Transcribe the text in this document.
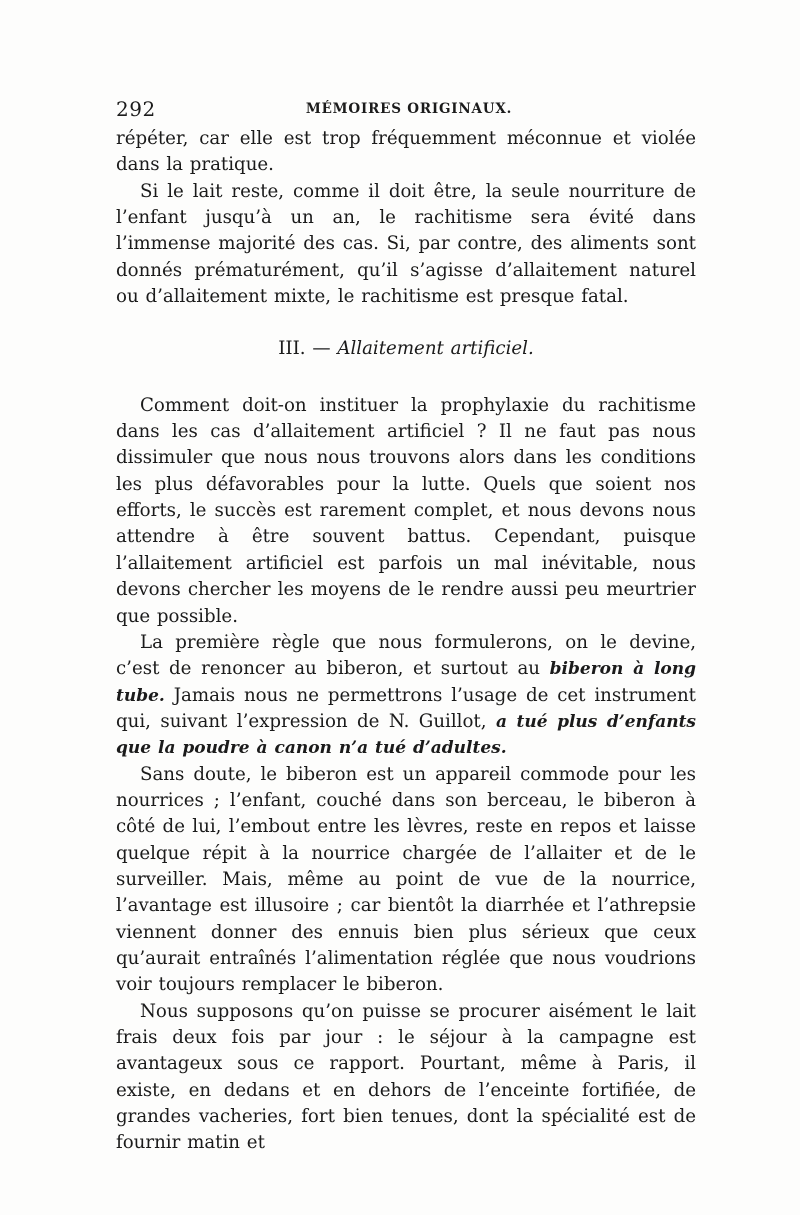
292	MÉMOIRES ORIGINAUX.

répéter, car elle est trop fréquemment méconnue et violée dans la pratique.

Si le lait reste, comme il doit être, la seule nourriture de l’enfant jusqu’à un an, le rachitisme sera évité dans l’immense majorité des cas. Si, par contre, des aliments sont donnés prématurément, qu’il s’agisse d’allaitement naturel ou d’allaitement mixte, le rachitisme est presque fatal.

III. — Allaitement artificiel.

Comment doit-on instituer la prophylaxie du rachitisme dans les cas d’allaitement artificiel ? Il ne faut pas nous dissimuler que nous nous trouvons alors dans les conditions les plus défavorables pour la lutte. Quels que soient nos efforts, le succès est rarement complet, et nous devons nous attendre à être souvent battus. Cependant, puisque l’allaitement artificiel est parfois un mal inévitable, nous devons chercher les moyens de le rendre aussi peu meurtrier que possible.

La première règle que nous formulerons, on le devine, c’est de renoncer au biberon, et surtout au biberon à long tube. Jamais nous ne permettrons l’usage de cet instrument qui, suivant l’expression de N. Guillot, a tué plus d’enfants que la poudre à canon n’a tué d’adultes.

Sans doute, le biberon est un appareil commode pour les nourrices ; l’enfant, couché dans son berceau, le biberon à côté de lui, l’embout entre les lèvres, reste en repos et laisse quelque répit à la nourrice chargée de l’allaiter et de le surveiller. Mais, même au point de vue de la nourrice, l’avantage est illusoire ; car bientôt la diarrhée et l’athrepsie viennent donner des ennuis bien plus sérieux que ceux qu’aurait entraînés l’alimentation réglée que nous voudrions voir toujours remplacer le biberon.

Nous supposons qu’on puisse se procurer aisément le lait frais deux fois par jour : le séjour à la campagne est avantageux sous ce rapport. Pourtant, même à Paris, il existe, en dedans et en dehors de l’enceinte fortifiée, de grandes vacheries, fort bien tenues, dont la spécialité est de fournir matin et
